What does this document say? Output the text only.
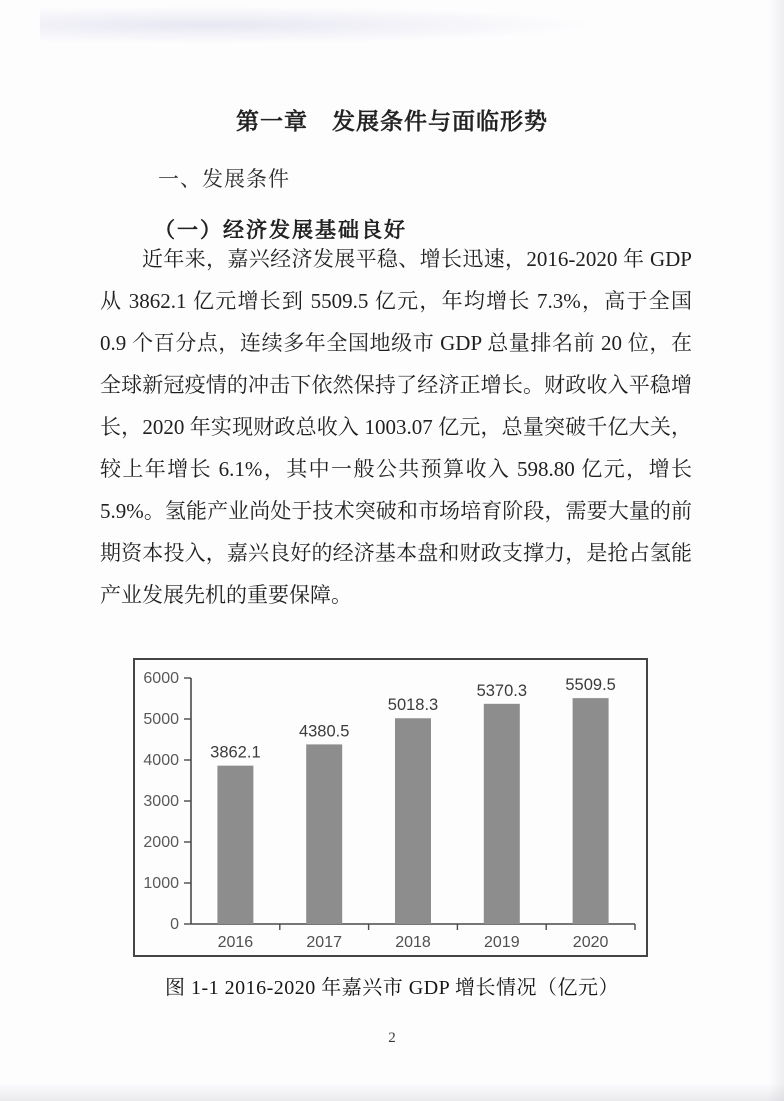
第一章　发展条件与面临形势
一、发展条件
（一）经济发展基础良好

近年来，嘉兴经济发展平稳、增长迅速，2016-2020 年 GDP 从 3862.1 亿元增长到 5509.5 亿元，年均增长 7.3%，高于全国 0.9 个百分点，连续多年全国地级市 GDP 总量排名前 20 位，在全球新冠疫情的冲击下依然保持了经济正增长。财政收入平稳增长，2020 年实现财政总收入 1003.07 亿元，总量突破千亿大关，较上年增长 6.1%，其中一般公共预算收入 598.80 亿元，增长 5.9%。氢能产业尚处于技术突破和市场培育阶段，需要大量的前期资本投入，嘉兴良好的经济基本盘和财政支撑力，是抢占氢能产业发展先机的重要保障。

0
1000
2000
3000
4000
5000
6000
3862.1
2016
4380.5
2017
5018.3
2018
5370.3
2019
5509.5
2020
图 1-1 2016-2020 年嘉兴市 GDP 增长情况（亿元）
2
